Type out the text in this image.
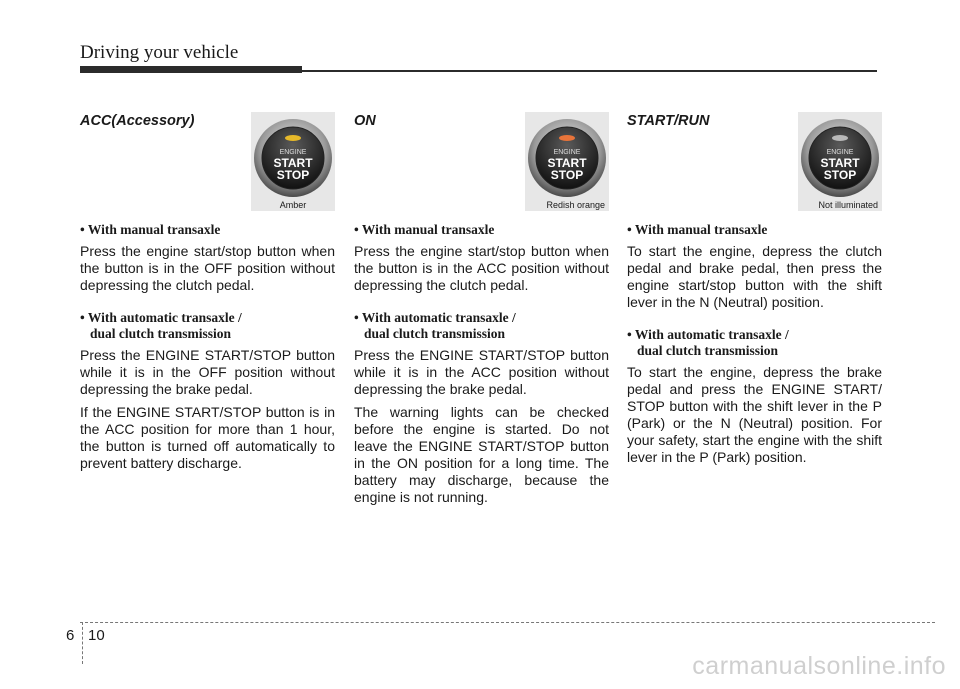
Driving your vehicle
ACC(Accessory)
ENGINE
START
STOP
Amber
• With manual transaxle

Press the engine start/stop button when the button is in the OFF position without depressing the clutch pedal.

• With automatic transaxle /
dual clutch transmission

Press the ENGINE START/STOP button while it is in the OFF position without depressing the brake pedal.

If the ENGINE START/STOP button is in the ACC position for more than 1 hour, the button is turned off automatically to prevent battery discharge.

ON
ENGINE
START
STOP
Redish orange
• With manual transaxle

Press the engine start/stop button when the button is in the ACC position without depressing the clutch pedal.

• With automatic transaxle /
dual clutch transmission

Press the ENGINE START/STOP button while it is in the ACC position without depressing the brake pedal.

The warning lights can be checked before the engine is started. Do not leave the ENGINE START/STOP button in the ON position for a long time. The battery may discharge, because the engine is not running.

START/RUN
ENGINE
START
STOP
Not illuminated
• With manual transaxle

To start the engine, depress the clutch pedal and brake pedal, then press the engine start/stop button with the shift lever in the N (Neutral) position.

• With automatic transaxle /
dual clutch transmission

To start the engine, depress the brake pedal and press the ENGINE START/ STOP button with the shift lever in the P (Park) or the N (Neutral) position. For your safety, start the engine with the shift lever in the P (Park) position.

6 10
carmanualsonline.info
